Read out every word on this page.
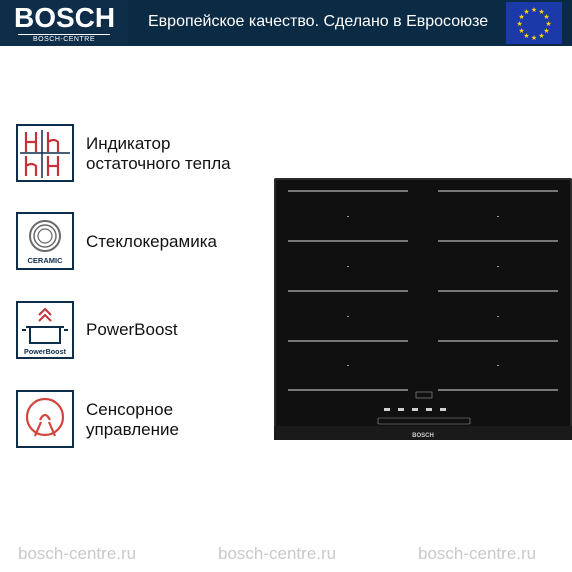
BOSCH
BOSCH-CENTRE
Европейское качество. Сделано в Евросоюзе
★ ★
★
★
★
★
★
★
★
★
★
★
Индикатор
остаточного тепла
CERAMIC
Стеклокерамика
PowerBoost
PowerBoost
Сенсорное
управление	BOSCH
bosch-centre.ru	bosch-centre.ru	bosch-centre.ru
